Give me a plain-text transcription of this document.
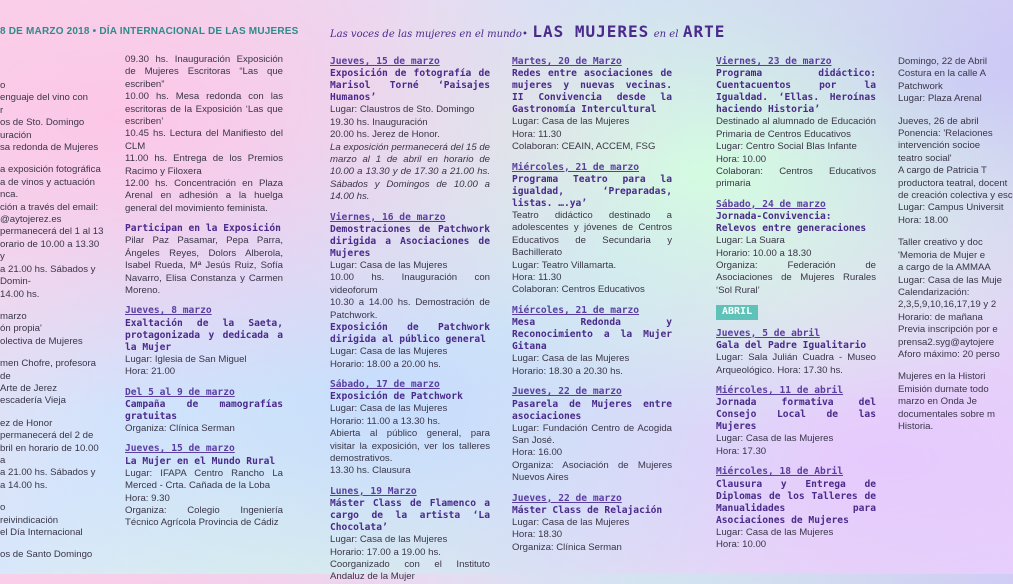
8 DE MARZO 2018 • DÍA INTERNACIONAL DE LAS MUJERES	Las voces de las mujeres en el mundo• LAS MUJERES en el ARTE

o

enguaje del vino con

r

os de Sto. Domingo

uración

sa redonda de Mujeres

a exposición fotográfica

a de vinos y actuación

nca.

ción a través del email:

@aytojerez.es

permanecerá del 1 al 13

orario de 10.00 a 13.30 y

a 21.00 hs. Sábados y Domin-

14.00 hs.

marzo

ón propia'

olectiva de Mujeres

men Chofre, profesora de

Arte de Jerez

escadería Vieja

ez de Honor

permanecerá del 2 de

bril en horario de 10.00 a

a 21.00 hs. Sábados y

a 14.00 hs.

o

reivindicación

el Día Internacional

os de Santo Domingo

09.30 hs. Inauguración Exposición de Mujeres Escritoras “Las que escriben”

10.00 hs. Mesa redonda con las escritoras de la Exposición ‘Las que escriben’

10.45 hs. Lectura del Manifiesto del CLM

11.00 hs. Entrega de los Premios Racimo y Filoxera

12.00 hs. Concentración en Plaza Arenal en adhesión a la huelga general del movimiento feminista.

Participan en la Exposición

Pilar Paz Pasamar, Pepa Parra, Ángeles Reyes, Dolors Alberola, Isabel Rueda, Mª Jesús Ruiz, Sofía Navarro, Elisa Constanza y Carmen Moreno.

Jueves, 8 marzo

Exaltación de la Saeta, protagonizada y dedicada a la Mujer

Lugar: Iglesia de San Miguel

Hora: 21.00

Del 5 al 9 de marzo

Campaña de mamografías gratuitas

Organiza: Clínica Serman

Jueves, 15 de marzo

La Mujer en el Mundo Rural

Lugar: IFAPA Centro Rancho La Merced - Crta. Cañada de la Loba

Hora: 9.30

Organiza: Colegio Ingeniería Técnico Agrícola Provincia de Cádiz

Jueves, 15 de marzo

Exposición de fotografía de Marisol Torné ‘Paisajes Humanos’

Lugar: Claustros de Sto. Domingo

19.30 hs. Inauguración

20.00 hs. Jerez de Honor.

La exposición permanecerá del 15 de marzo al 1 de abril en horario de 10.00 a 13.30 y de 17.30 a 21.00 hs. Sábados y Domingos de 10.00 a 14.00 hs.

Viernes, 16 de marzo

Demostraciones de Patchwork dirigida a Asociaciones de Mujeres

Lugar: Casa de las Mujeres

10.00 hs. Inauguración con videoforum

10.30 a 14.00 hs. Demostración de Patchwork.

Exposición de Patchwork dirigida al público general

Lugar: Casa de las Mujeres

Horario: 18.00 a 20.00 hs.

Sábado, 17 de marzo

Exposición de Patchwork

Lugar: Casa de las Mujeres

Horario: 11.00 a 13.30 hs.

Abierta al público general, para visitar la exposición, ver los talleres demostrativos.

13.30 hs. Clausura

Lunes, 19 Marzo

Máster Class de Flamenco a cargo de la artista ‘La Chocolata’

Lugar: Casa de las Mujeres

Horario: 17.00 a 19.00 hs.

Coorganizado con el Instituto Andaluz de la Mujer

Martes, 20 de Marzo

Redes entre asociaciones de mujeres y nuevas vecinas. II Convivencia desde la Gastronomía Intercultural

Lugar: Casa de las Mujeres

Hora: 11.30

Colaboran: CEAIN, ACCEM, FSG

Miércoles, 21 de marzo

Programa Teatro para la igualdad, ‘Preparadas, listas. ….ya’

Teatro didáctico destinado a adolescentes y jóvenes de Centros Educativos de Secundaria y Bachillerato

Lugar: Teatro Villamarta.

Hora: 11.30

Colaboran: Centros Educativos

Miércoles, 21 de marzo

Mesa Redonda y Reconocimiento a la Mujer Gitana

Lugar: Casa de las Mujeres

Horario: 18.30 a 20.30 hs.

Jueves, 22 de marzo

Pasarela de Mujeres entre asociaciones

Lugar: Fundación Centro de Acogida San José.

Hora: 16.00

Organiza: Asociación de Mujeres Nuevos Aires

Jueves, 22 de marzo

Máster Class de Relajación

Lugar: Casa de las Mujeres

Hora: 18.30

Organiza: Clínica Serman

Viernes, 23 de marzo

Programa didáctico: Cuentacuentos por la Igualdad. ‘Ellas. Heroínas haciendo Historia’

Destinado al alumnado de Educación Primaria de Centros Educativos

Lugar: Centro Social Blas Infante

Hora: 10.00

Colaboran: Centros Educativos primaria

Sábado, 24 de marzo

Jornada-Convivencia: Relevos entre generaciones

Lugar: La Suara

Horario: 10.00 a 18.30

Organiza: Federación de Asociaciones de Mujeres Rurales ‘Sol Rural’

ABRIL

Jueves, 5 de abril

Gala del Padre Igualitario

Lugar: Sala Julián Cuadra - Museo Arqueológico. Hora: 17.30 hs.

Miércoles, 11 de abril

Jornada formativa del Consejo Local de las Mujeres

Lugar: Casa de las Mujeres

Hora: 17.30

Miércoles, 18 de Abril

Clausura y Entrega de Diplomas de los Talleres de Manualidades para Asociaciones de Mujeres

Lugar: Casa de las Mujeres

Hora: 10.00

Domingo, 22 de Abril

Costura en la calle A

Patchwork

Lugar: Plaza Arenal

Jueves, 26 de abril

Ponencia: 'Relaciones

intervención socioe

teatro social'

A cargo de Patricia T

productora teatral, docent

de creación colectiva y esc

Lugar: Campus Universit

Hora: 18.00

Taller creativo y doc

'Memoria de Mujer e

a cargo de la AMMAA

Lugar: Casa de las Muje

Calendarización:

2,3,5,9,10,16,17,19 y 2

Horario: de mañana

Previa inscripción por e

prensa2.syg@aytojere

Aforo máximo: 20 perso

Mujeres en la Histori

Emisión durnate todo

marzo en Onda Je

documentales sobre m

Historia.
